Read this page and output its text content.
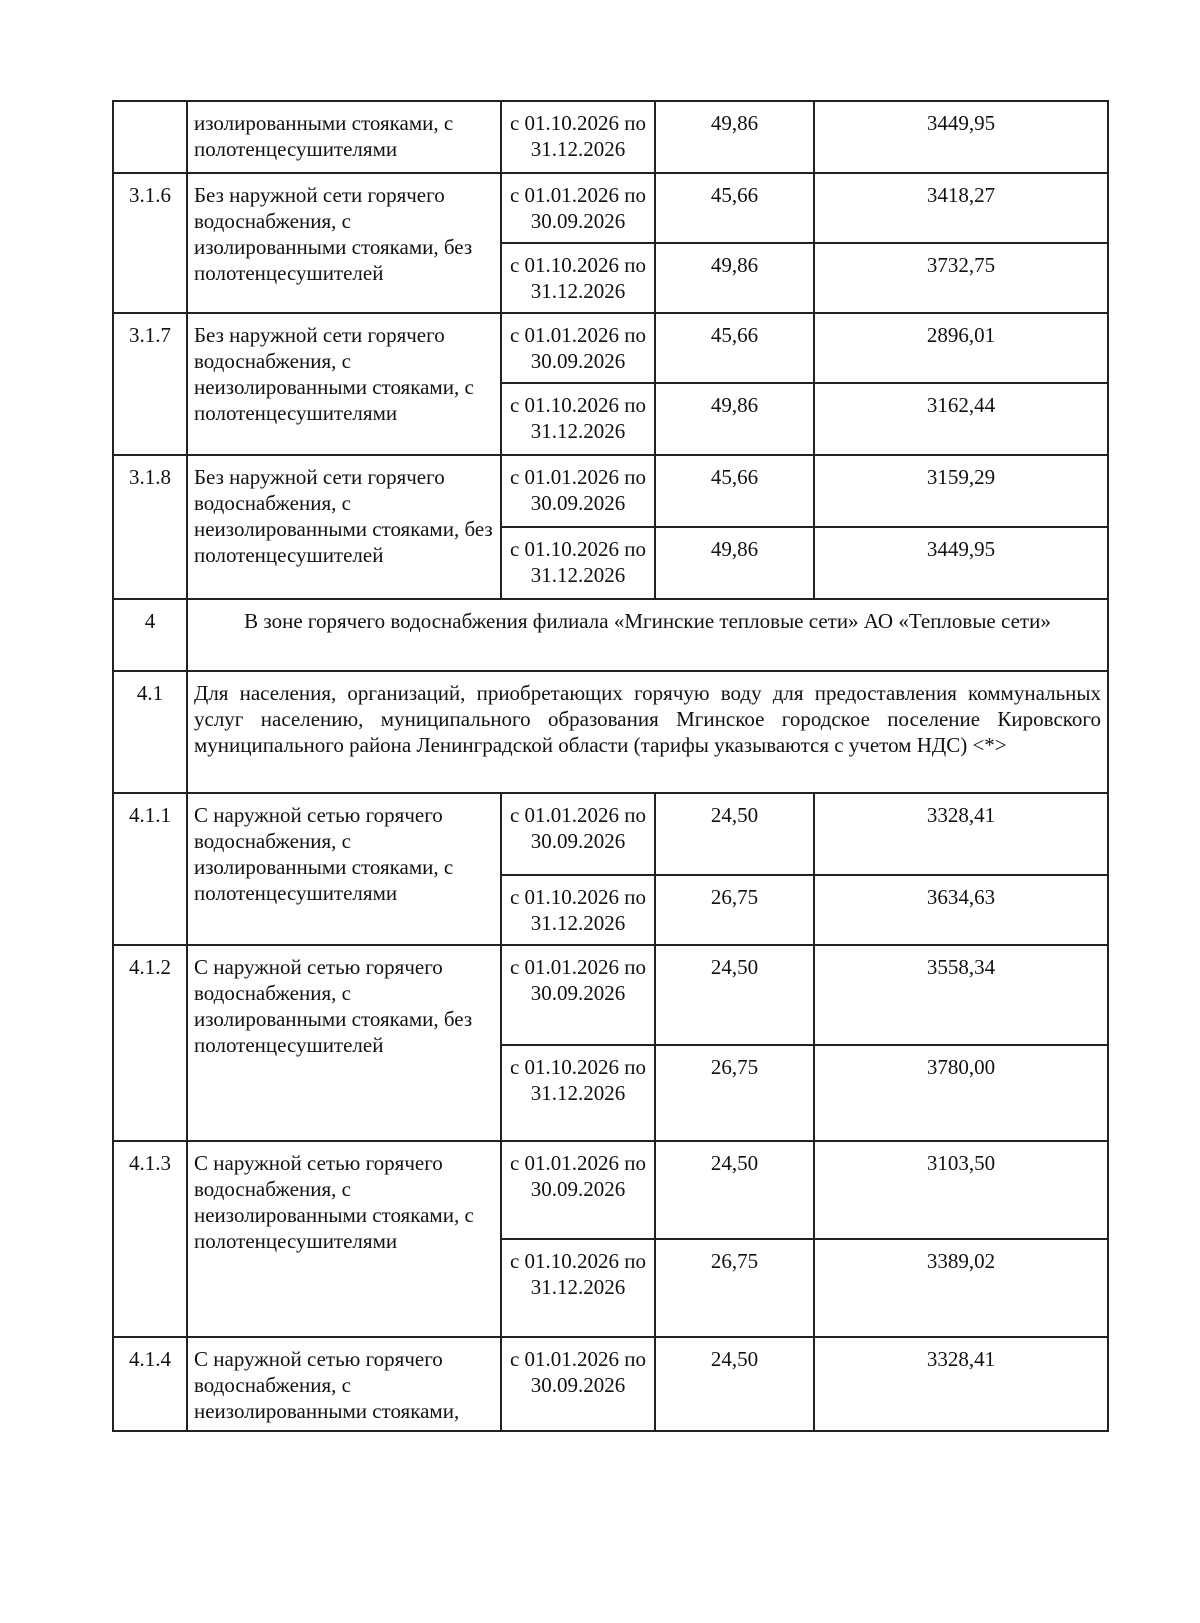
	изолированными стояками, с полотенцесушителями	с 01.10.2026 по 31.12.2026	49,86	3449,95
3.1.6	Без наружной сети горячего водоснабжения, с изолированными стояками, без полотенцесушителей	с 01.01.2026 по 30.09.2026	45,66	3418,27
		с 01.10.2026 по 31.12.2026	49,86	3732,75
3.1.7	Без наружной сети горячего водоснабжения, с неизолированными стояками, с полотенцесушителями	с 01.01.2026 по 30.09.2026	45,66	2896,01
		с 01.10.2026 по 31.12.2026	49,86	3162,44
3.1.8	Без наружной сети горячего водоснабжения, с неизолированными стояками, без полотенцесушителей	с 01.01.2026 по 30.09.2026	45,66	3159,29
		с 01.10.2026 по 31.12.2026	49,86	3449,95
4	В зоне горячего водоснабжения филиала «Мгинские тепловые сети» АО «Тепловые сети»			
4.1	Для населения, организаций, приобретающих горячую воду для предоставления коммунальных услуг населению, муниципального образования Мгинское городское поселение Кировского муниципального района Ленинградской области (тарифы указываются с учетом НДС) <*>			
4.1.1	С наружной сетью горячего водоснабжения, с изолированными стояками, с полотенцесушителями	с 01.01.2026 по 30.09.2026	24,50	3328,41
		с 01.10.2026 по 31.12.2026	26,75	3634,63
4.1.2	С наружной сетью горячего водоснабжения, с изолированными стояками, без полотенцесушителей	с 01.01.2026 по 30.09.2026	24,50	3558,34
		с 01.10.2026 по 31.12.2026	26,75	3780,00
4.1.3	С наружной сетью горячего водоснабжения, с неизолированными стояками, с полотенцесушителями	с 01.01.2026 по 30.09.2026	24,50	3103,50
		с 01.10.2026 по 31.12.2026	26,75	3389,02
4.1.4	С наружной сетью горячего водоснабжения, с неизолированными стояками,	с 01.01.2026 по 30.09.2026	24,50	3328,41
